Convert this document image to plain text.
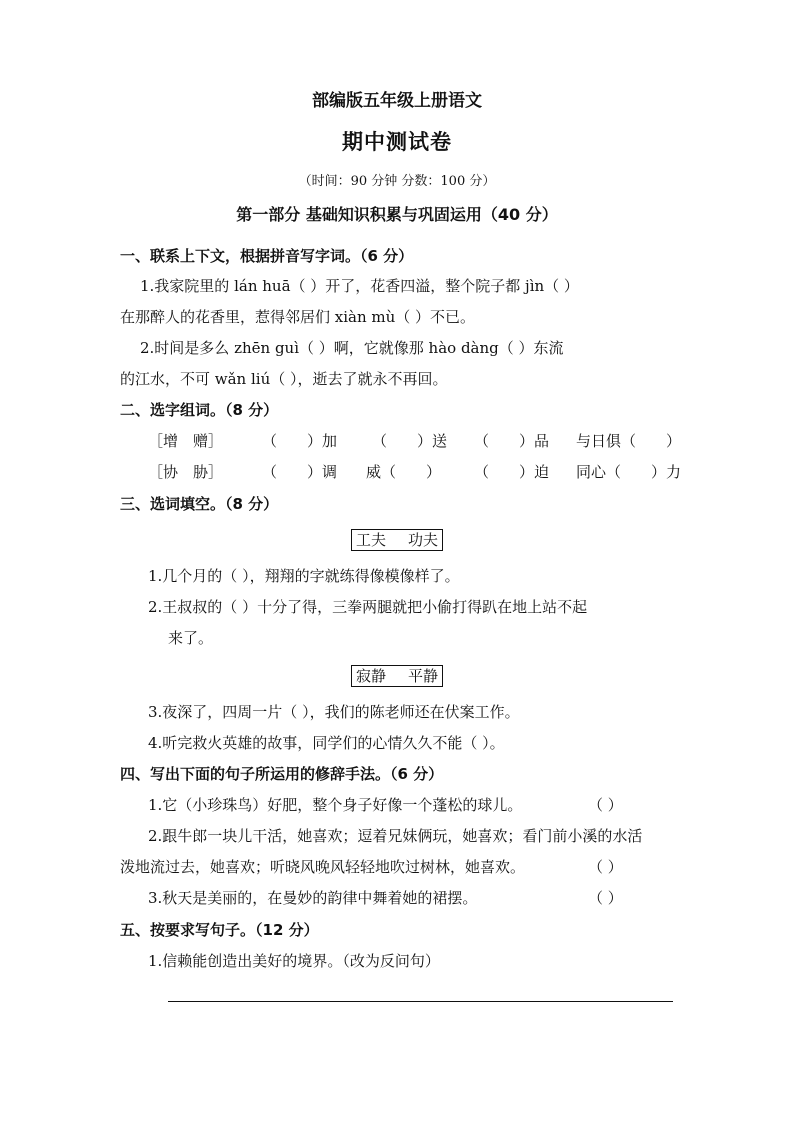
部编版五年级上册语文
期中测试卷
（时间：90 分钟 分数：100 分）
第一部分 基础知识积累与巩固运用（40 分）
一、联系上下文，根据拼音写字词。（6 分）
1.我家院里的 lán huā（ ）开了，花香四溢，整个院子都 jìn（ ）
在那醉人的花香里，惹得邻居们 xiàn mù（ ）不已。
2.时间是多么 zhēn guì（ ）啊，它就像那 hào dàng（ ）东流
的江水，不可 wǎn liú（ ），逝去了就永不再回。
二、选字组词。（8 分）
［增　赠］	（　　）加 （　　）送 （　　）品 与日俱（　　）
［协　胁］	（　　）调 威（　　） （　　）迫 同心（　　）力
三、选词填空。（8 分）
工夫 功夫
1.几个月的（ ），翔翔的字就练得像模像样了。
2.王叔叔的（ ）十分了得，三拳两腿就把小偷打得趴在地上站不起
来了。
寂静 平静
3.夜深了，四周一片（ ），我们的陈老师还在伏案工作。
4.听完救火英雄的故事，同学们的心情久久不能（ ）。
四、写出下面的句子所运用的修辞手法。（6 分）
1.它（小珍珠鸟）好肥，整个身子好像一个蓬松的球儿。	（ ）
2.跟牛郎一块儿干活，她喜欢；逗着兄妹俩玩，她喜欢；看门前小溪的水活
泼地流过去，她喜欢；听晓风晚风轻轻地吹过树林，她喜欢。	（ ）
3.秋天是美丽的，在曼妙的韵律中舞着她的裙摆。	（ ）
五、按要求写句子。（12 分）
1.信赖能创造出美好的境界。（改为反问句）
